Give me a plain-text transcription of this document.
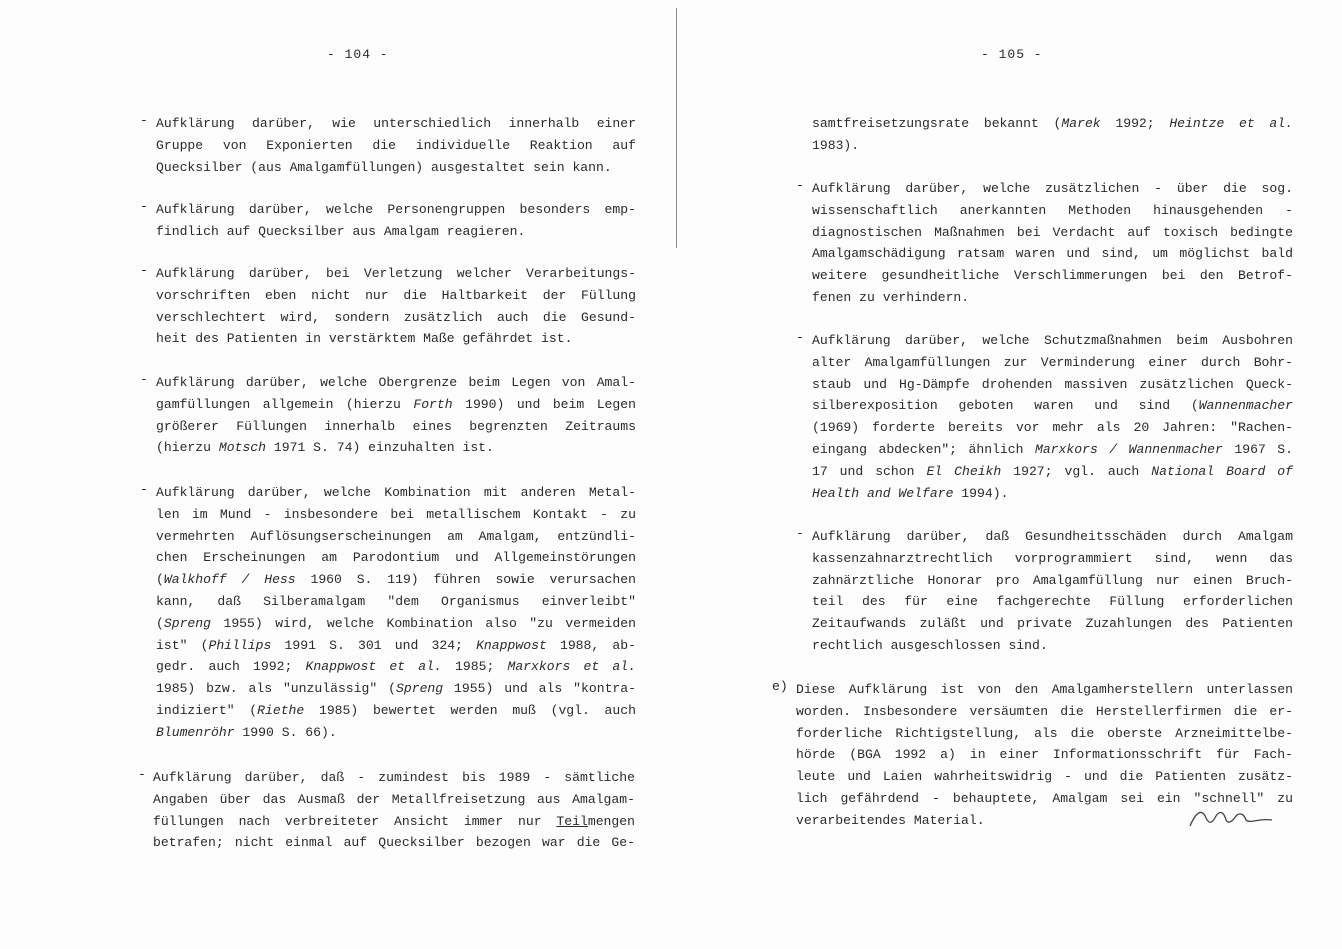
- 104 -
- Aufklärung darüber, wie unterschiedlich innerhalb einer
Gruppe von Exponierten die individuelle Reaktion auf
Quecksilber (aus Amalgamfüllungen) ausgestaltet sein kann.
- Aufklärung darüber, welche Personengruppen besonders emp-
findlich auf Quecksilber aus Amalgam reagieren.
- Aufklärung darüber, bei Verletzung welcher Verarbeitungs-
vorschriften eben nicht nur die Haltbarkeit der Füllung
verschlechtert wird, sondern zusätzlich auch die Gesund-
heit des Patienten in verstärktem Maße gefährdet ist.
- Aufklärung darüber, welche Obergrenze beim Legen von Amal-
gamfüllungen allgemein (hierzu Forth 1990) und beim Legen
größerer Füllungen innerhalb eines begrenzten Zeitraums
(hierzu Motsch 1971 S. 74) einzuhalten ist.
- Aufklärung darüber, welche Kombination mit anderen Metal-
len im Mund - insbesondere bei metallischem Kontakt - zu
vermehrten Auflösungserscheinungen am Amalgam, entzündli-
chen Erscheinungen am Parodontium und Allgemeinstörungen
(Walkhoff / Hess 1960 S. 119) führen sowie verursachen
kann, daß Silberamalgam "dem Organismus einverleibt"
(Spreng 1955) wird, welche Kombination also "zu vermeiden
ist" (Phillips 1991 S. 301 und 324; Knappwost 1988, ab-
gedr. auch 1992; Knappwost et al. 1985; Marxkors et al.
1985) bzw. als "unzulässig" (Spreng 1955) und als "kontra-
indiziert" (Riethe 1985) bewertet werden muß (vgl. auch
Blumenröhr 1990 S. 66).
- Aufklärung darüber, daß - zumindest bis 1989 - sämtliche
Angaben über das Ausmaß der Metallfreisetzung aus Amalgam-
füllungen nach verbreiteter Ansicht immer nur Teilmengen
betrafen; nicht einmal auf Quecksilber bezogen war die Ge-
- 105 -
samtfreisetzungsrate bekannt (Marek 1992; Heintze et al.
1983).
- Aufklärung darüber, welche zusätzlichen - über die sog.
wissenschaftlich anerkannten Methoden hinausgehenden -
diagnostischen Maßnahmen bei Verdacht auf toxisch bedingte
Amalgamschädigung ratsam waren und sind, um möglichst bald
weitere gesundheitliche Verschlimmerungen bei den Betrof-
fenen zu verhindern.
- Aufklärung darüber, welche Schutzmaßnahmen beim Ausbohren
alter Amalgamfüllungen zur Verminderung einer durch Bohr-
staub und Hg-Dämpfe drohenden massiven zusätzlichen Queck-
silberexposition geboten waren und sind (Wannenmacher
(1969) forderte bereits vor mehr als 20 Jahren: "Rachen-
eingang abdecken"; ähnlich Marxkors / Wannenmacher 1967 S.
17 und schon El Cheikh 1927; vgl. auch National Board of
Health and Welfare 1994).
- Aufklärung darüber, daß Gesundheitsschäden durch Amalgam
kassenzahnarztrechtlich vorprogrammiert sind, wenn das
zahnärztliche Honorar pro Amalgamfüllung nur einen Bruch-
teil des für eine fachgerechte Füllung erforderlichen
Zeitaufwands zuläßt und private Zuzahlungen des Patienten
rechtlich ausgeschlossen sind.
e) Diese Aufklärung ist von den Amalgamherstellern unterlassen
worden. Insbesondere versäumten die Herstellerfirmen die er-
forderliche Richtigstellung, als die oberste Arzneimittelbe-
hörde (BGA 1992 a) in einer Informationsschrift für Fach-
leute und Laien wahrheitswidrig - und die Patienten zusätz-
lich gefährdend - behauptete, Amalgam sei ein "schnell" zu
verarbeitendes Material.
